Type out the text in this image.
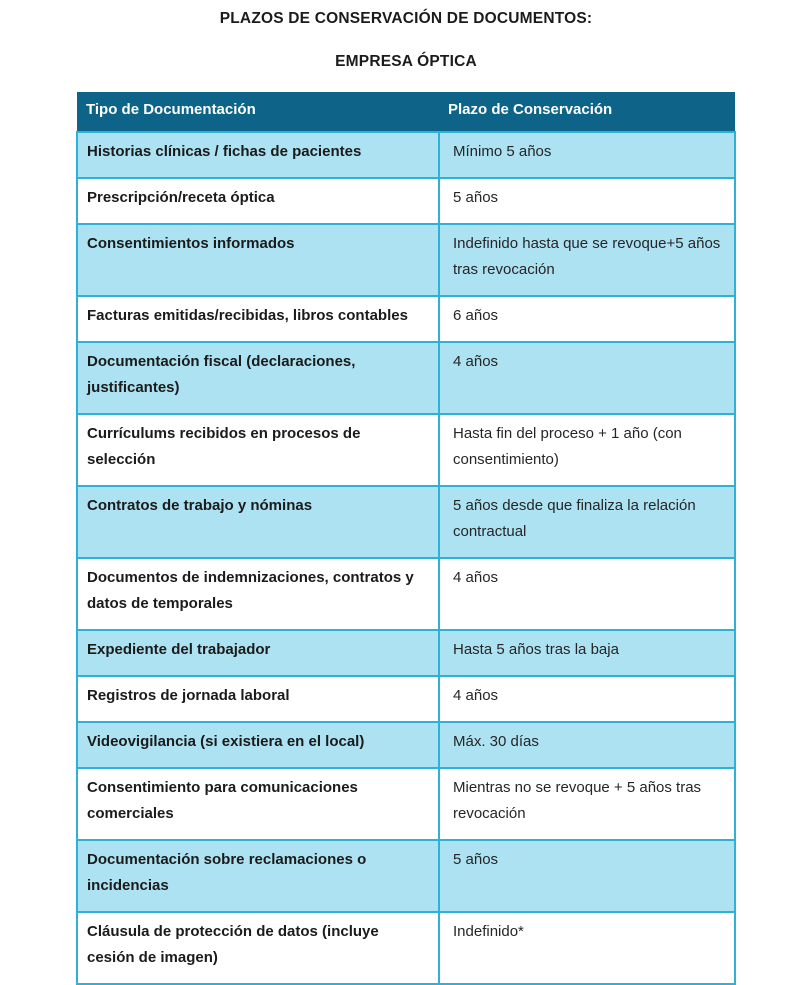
PLAZOS DE CONSERVACIÓN DE DOCUMENTOS:

EMPRESA ÓPTICA

Tipo de Documentación	Plazo de Conservación
Historias clínicas / fichas de pacientes	Mínimo 5 años
Prescripción/receta óptica	5 años
Consentimientos informados	Indefinido hasta que se revoque+5 años tras revocación
Facturas emitidas/recibidas, libros contables	6 años
Documentación fiscal (declaraciones, justificantes)	4 años
Currículums recibidos en procesos de selección	Hasta fin del proceso + 1 año (con consentimiento)
Contratos de trabajo y nóminas	5 años desde que finaliza la relación contractual
Documentos de indemnizaciones, contratos y datos de temporales	4 años
Expediente del trabajador	Hasta 5 años tras la baja
Registros de jornada laboral	4 años
Videovigilancia (si existiera en el local)	Máx. 30 días
Consentimiento para comunicaciones comerciales	Mientras no se revoque + 5 años tras revocación
Documentación sobre reclamaciones o incidencias	5 años
Cláusula de protección de datos (incluye cesión de imagen)	Indefinido*
